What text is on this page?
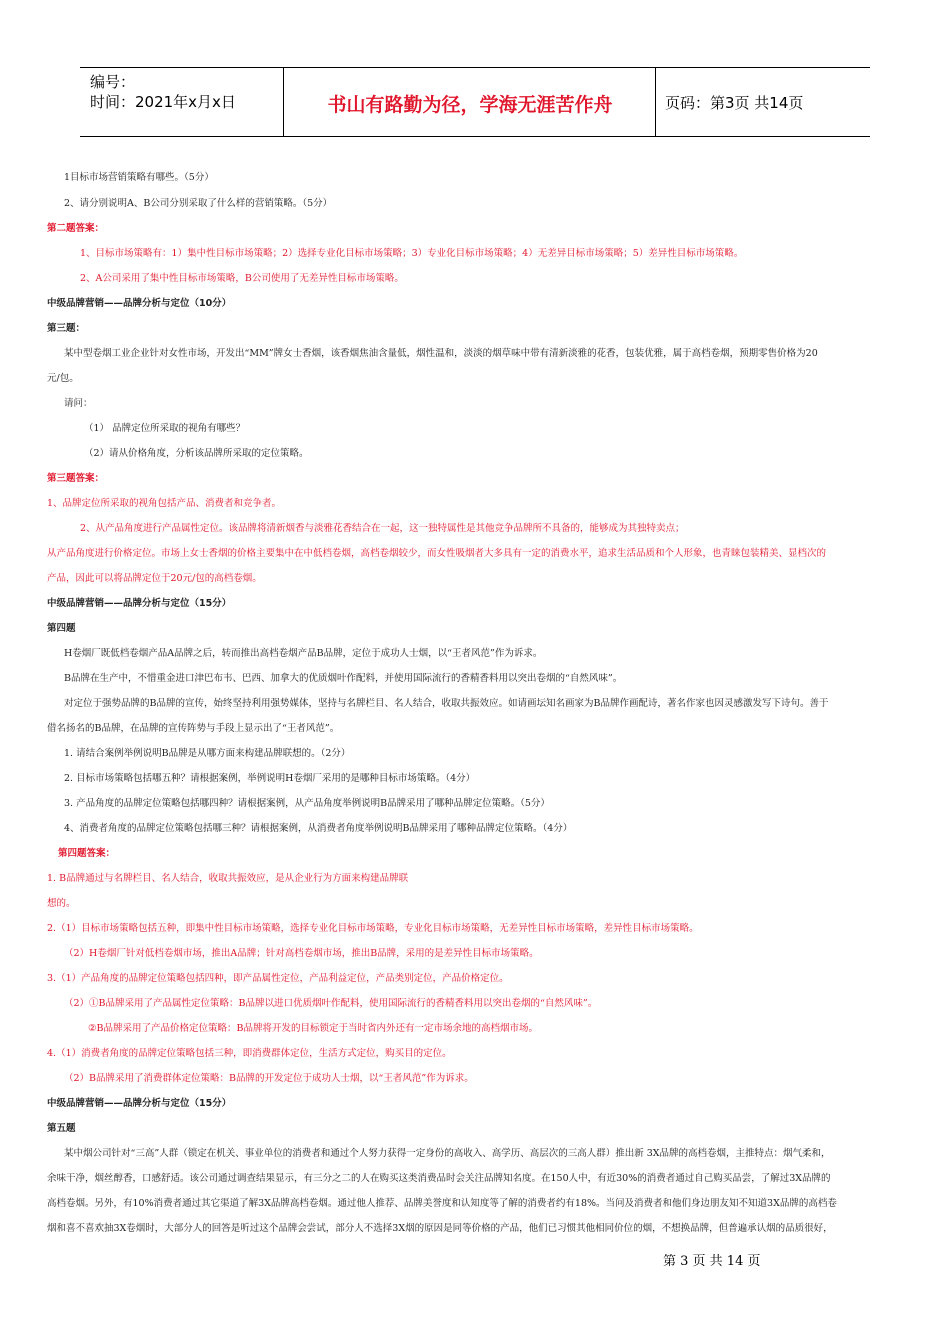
编号：
时间：2021年x月x日	书山有路勤为径，学海无涯苦作舟	页码：第3页 共14页
1目标市场营销策略有哪些。（5分）
2、请分别说明A、B公司分别采取了什么样的营销策略。（5分）
第二题答案：
1、目标市场策略有：1）集中性目标市场策略；2）选择专业化目标市场策略；3）专业化目标市场策略；4）无差异目标市场策略；5）差异性目标市场策略。
2、A公司采用了集中性目标市场策略，B公司使用了无差异性目标市场策略。
中级品牌营销——品牌分析与定位（10分）
第三题：
某中型卷烟工业企业针对女性市场，开发出“MM”牌女士香烟，该香烟焦油含量低，烟性温和，淡淡的烟草味中带有清新淡雅的花香，包装优雅，属于高档卷烟，预期零售价格为20
元/包。
请问：
（1） 品牌定位所采取的视角有哪些？
（2）请从价格角度，分析该品牌所采取的定位策略。
第三题答案：
1、品牌定位所采取的视角包括产品、消费者和竞争者。
2、从产品角度进行产品属性定位。该品牌将清新烟香与淡雅花香结合在一起，这一独特属性是其他竞争品牌所不具备的，能够成为其独特卖点；
从产品角度进行价格定位。市场上女士香烟的价格主要集中在中低档卷烟，高档卷烟较少，而女性吸烟者大多具有一定的消费水平，追求生活品质和个人形象，也青睐包装精美、显档次的
产品，因此可以将品牌定位于20元/包的高档卷烟。
中级品牌营销——品牌分析与定位（15分）
第四题
H卷烟厂既低档卷烟产品A品牌之后，转而推出高档卷烟产品B品牌，定位于成功人士烟，以“王者风范”作为诉求。
B品牌在生产中，不惜重金进口津巴布韦、巴西、加拿大的优质烟叶作配料，并使用国际流行的香精香料用以突出卷烟的“自然风味”。
对定位于强势品牌的B品牌的宣传，始终坚持利用强势媒体，坚持与名牌栏目、名人结合，收取共振效应。如请画坛知名画家为B品牌作画配诗，著名作家也因灵感激发写下诗句。善于
借名扬名的B品牌，在品牌的宣传阵势与手段上显示出了“王者风范”。
1. 请结合案例举例说明B品牌是从哪方面来构建品牌联想的。（2分）
2. 目标市场策略包括哪五种？请根据案例，举例说明H卷烟厂采用的是哪种目标市场策略。（4分）
3. 产品角度的品牌定位策略包括哪四种？请根据案例，从产品角度举例说明B品牌采用了哪种品牌定位策略。（5分）
4、消费者角度的品牌定位策略包括哪三种？请根据案例，从消费者角度举例说明B品牌采用了哪种品牌定位策略。（4分）
第四题答案：
1. B品牌通过与名牌栏目、名人结合，收取共振效应，是从企业行为方面来构建品牌联
想的。
2.（1）目标市场策略包括五种，即集中性目标市场策略，选择专业化目标市场策略，专业化目标市场策略，无差异性目标市场策略，差异性目标市场策略。
（2）H卷烟厂针对低档卷烟市场，推出A品牌；针对高档卷烟市场，推出B品牌，采用的是差异性目标市场策略。
3.（1）产品角度的品牌定位策略包括四种，即产品属性定位，产品利益定位，产品类别定位，产品价格定位。
（2）①B品牌采用了产品属性定位策略：B品牌以进口优质烟叶作配料，使用国际流行的香精香料用以突出卷烟的“自然风味”。
②B品牌采用了产品价格定位策略：B品牌将开发的目标锁定于当时省内外还有一定市场余地的高档烟市场。
4.（1）消费者角度的品牌定位策略包括三种，即消费群体定位，生活方式定位，购买目的定位。
（2）B品牌采用了消费群体定位策略：B品牌的开发定位于成功人士烟，以“王者风范”作为诉求。
中级品牌营销——品牌分析与定位（15分）
第五题
某中烟公司针对“三高”人群（锁定在机关、事业单位的消费者和通过个人努力获得一定身份的高收入、高学历、高层次的三高人群）推出新 3X品牌的高档卷烟，主推特点：烟气柔和，
余味干净，烟丝醇香，口感舒适。该公司通过调查结果显示，有三分之二的人在购买这类消费品时会关注品牌知名度。在150人中，有近30%的消费者通过自己购买品尝，了解过3X品牌的
高档卷烟。另外，有10%消费者通过其它渠道了解3X品牌高档卷烟。通过他人推荐、品牌美誉度和认知度等了解的消费者约有18%。当问及消费者和他们身边朋友知不知道3X品牌的高档卷
烟和喜不喜欢抽3X卷烟时，大部分人的回答是听过这个品牌会尝试，部分人不选择3X烟的原因是同等价格的产品，他们已习惯其他相同价位的烟，不想换品牌，但普遍承认烟的品质很好，
第 3 页 共 14 页
